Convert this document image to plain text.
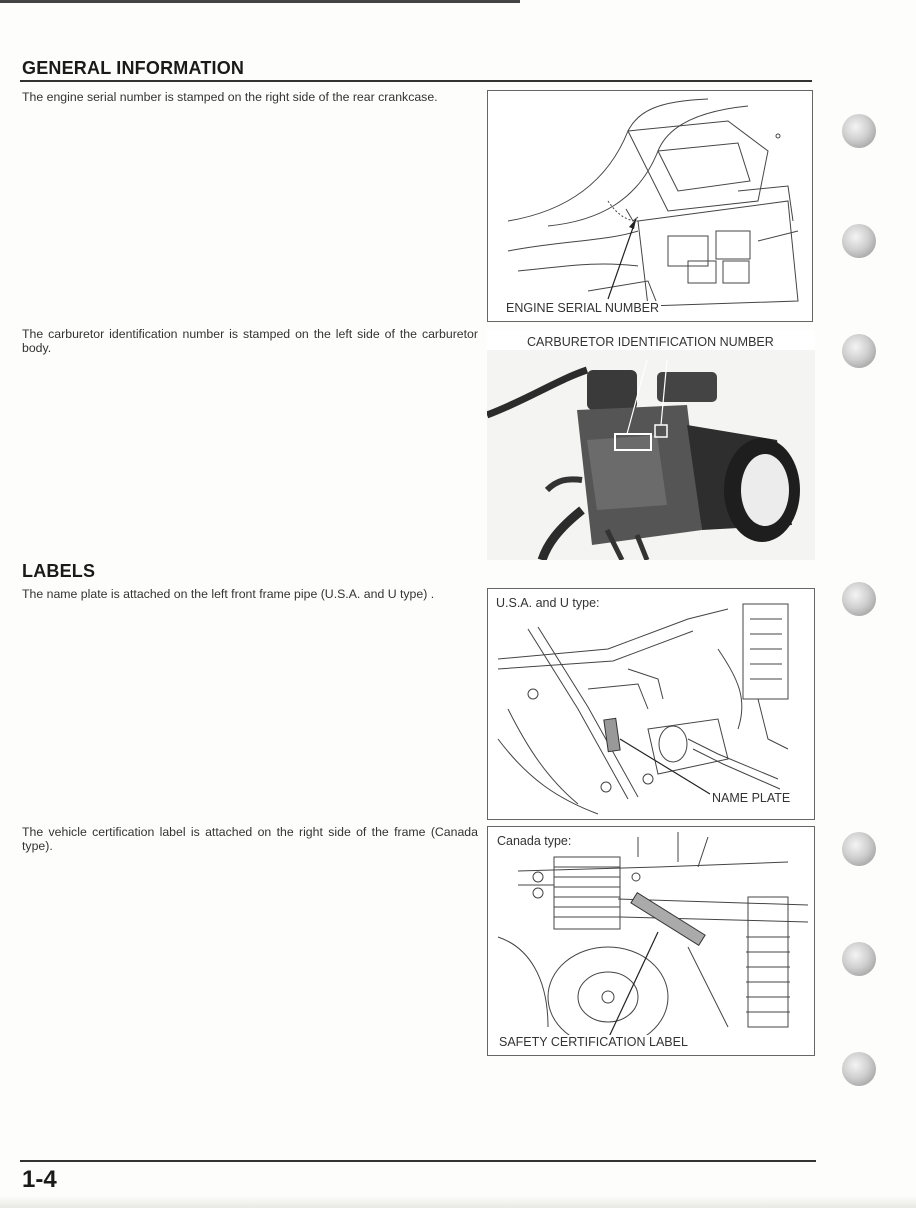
GENERAL INFORMATION
The engine serial number is stamped on the right side of the rear crankcase.
ENGINE SERIAL NUMBER
The carburetor identification number is stamped on the left side of the carburetor body.	CARBURETOR IDENTIFICATION NUMBER
LABELS
The name plate is attached on the left front frame pipe (U.S.A. and U type) .
U.S.A. and U type:
NAME PLATE
The vehicle certification label is attached on the right side of the frame (Canada type).	Canada type:
SAFETY CERTIFICATION LABEL
1-4
